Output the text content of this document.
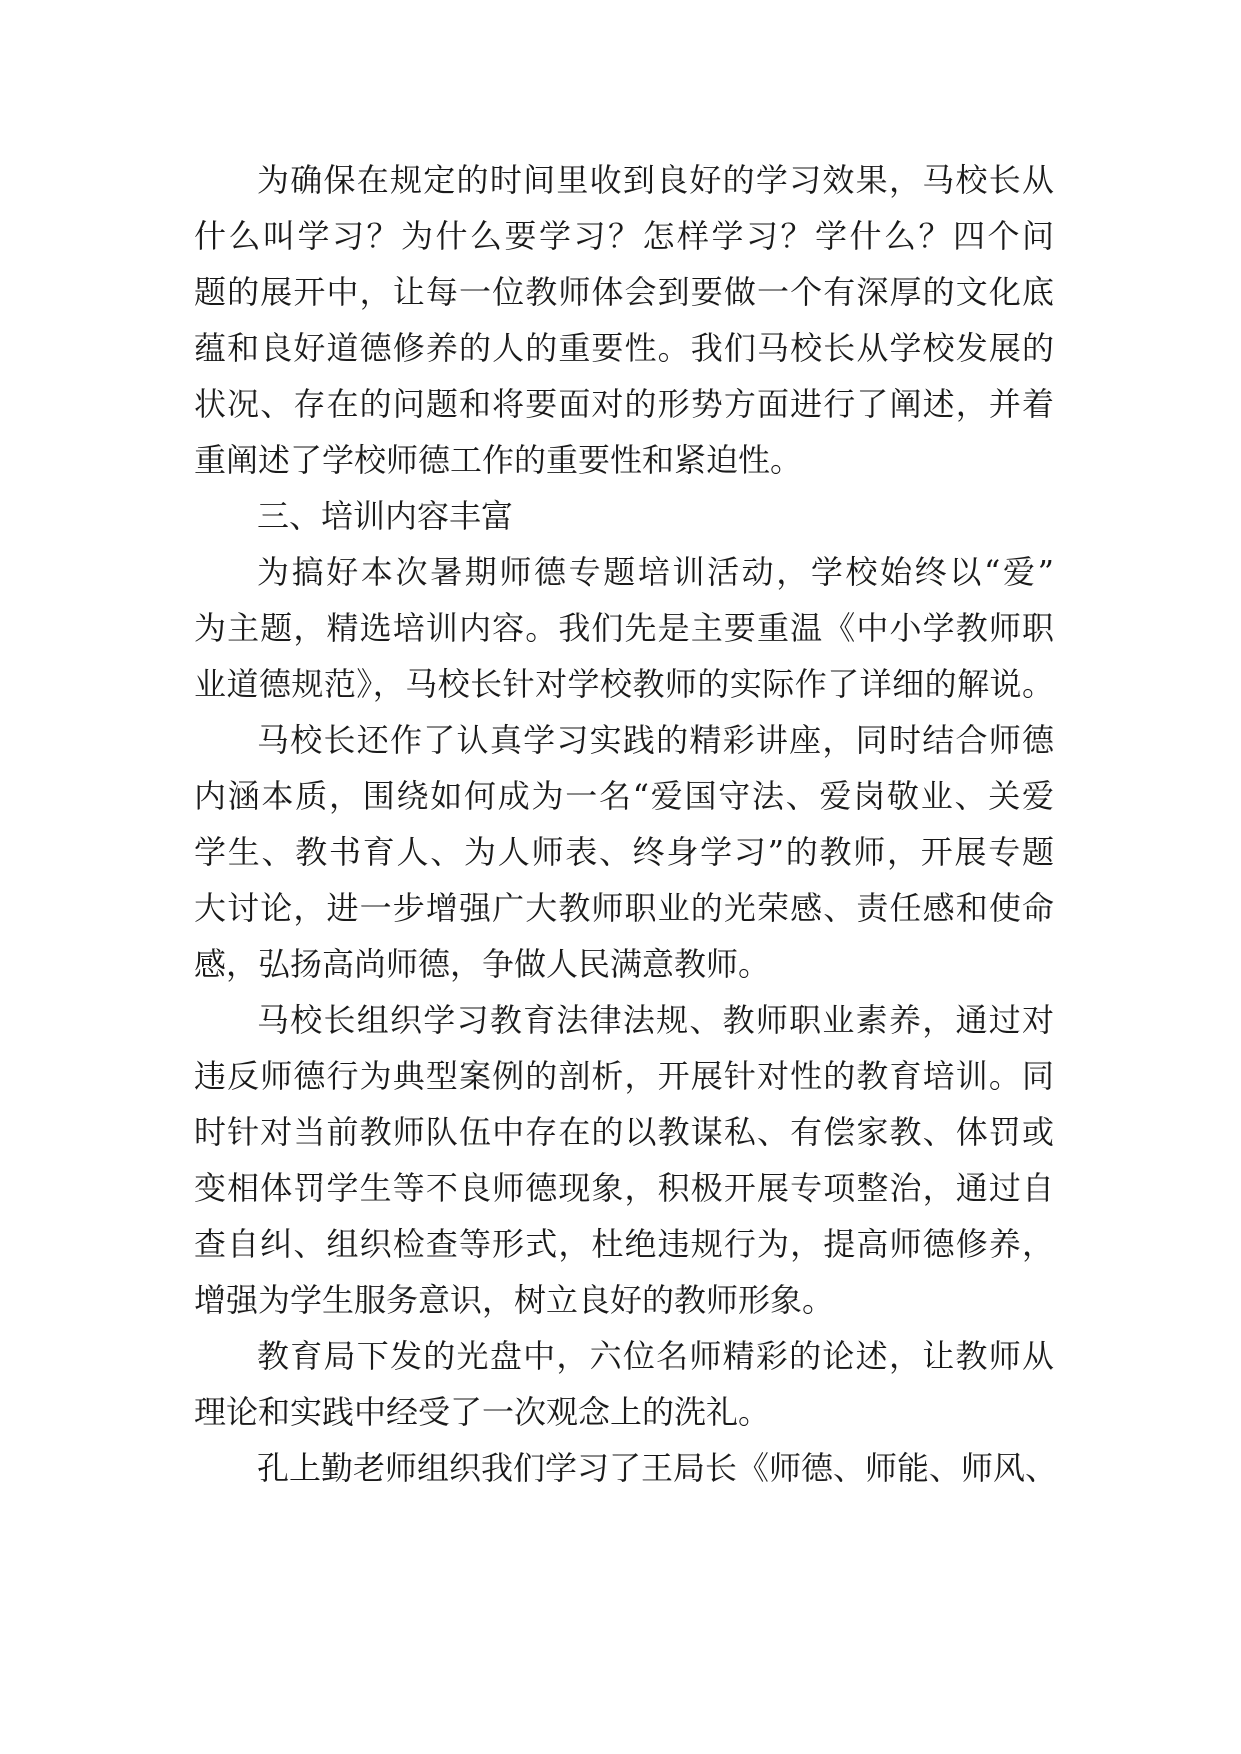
为确保在规定的时间里收到良好的学习效果，马校长从
什么叫学习？为什么要学习？怎样学习？学什么？四个问
题的展开中，让每一位教师体会到要做一个有深厚的文化底
蕴和良好道德修养的人的重要性。我们马校长从学校发展的
状况、存在的问题和将要面对的形势方面进行了阐述，并着
重阐述了学校师德工作的重要性和紧迫性。
三、培训内容丰富
为搞好本次暑期师德专题培训活动，学校始终以“爱”
为主题，精选培训内容。我们先是主要重温《中小学教师职
业道德规范》，马校长针对学校教师的实际作了详细的解说。
马校长还作了认真学习实践的精彩讲座，同时结合师德
内涵本质，围绕如何成为一名“爱国守法、爱岗敬业、关爱
学生、教书育人、为人师表、终身学习”的教师，开展专题
大讨论，进一步增强广大教师职业的光荣感、责任感和使命
感，弘扬高尚师德，争做人民满意教师。
马校长组织学习教育法律法规、教师职业素养，通过对
违反师德行为典型案例的剖析，开展针对性的教育培训。同
时针对当前教师队伍中存在的以教谋私、有偿家教、体罚或
变相体罚学生等不良师德现象，积极开展专项整治，通过自
查自纠、组织检查等形式，杜绝违规行为，提高师德修养，
增强为学生服务意识，树立良好的教师形象。
教育局下发的光盘中，六位名师精彩的论述，让教师从
理论和实践中经受了一次观念上的洗礼。
孔上勤老师组织我们学习了王局长《师德、师能、师风、
